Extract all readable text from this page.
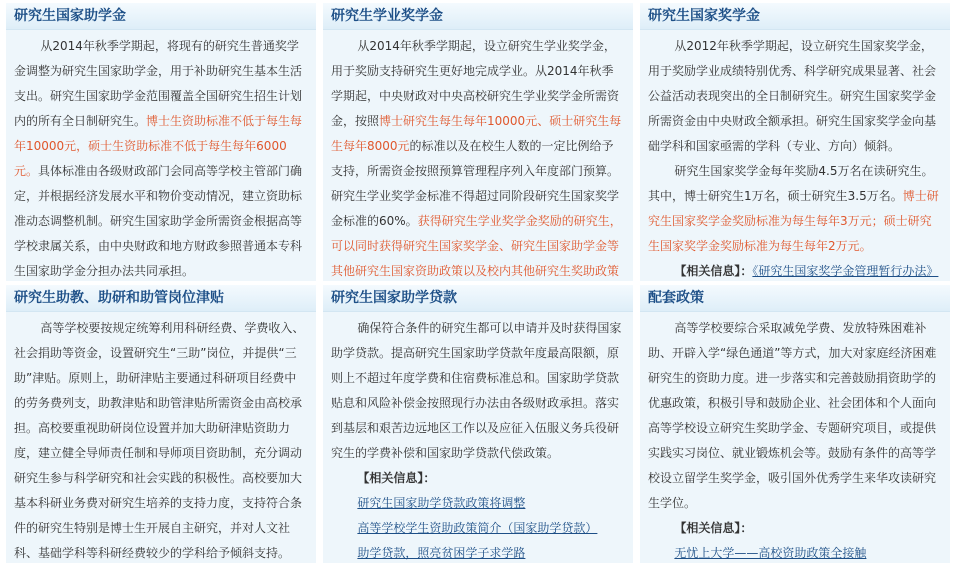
研究生国家助学金

从2014年秋季学期起，将现有的研究生普通奖学金调整为研究生国家助学金，用于补助研究生基本生活支出。研究生国家助学金范围覆盖全国研究生招生计划内的所有全日制研究生。博士生资助标准不低于每生每年10000元，硕士生资助标准不低于每生每年6000元。具体标准由各级财政部门会同高等学校主管部门确定，并根据经济发展水平和物价变动情况，建立资助标准动态调整机制。研究生国家助学金所需资金根据高等学校隶属关系，由中央财政和地方财政参照普通本专科生国家助学金分担办法共同承担。

研究生学业奖学金

从2014年秋季学期起，设立研究生学业奖学金，用于奖励支持研究生更好地完成学业。从2014年秋季学期起，中央财政对中央高校研究生学业奖学金所需资金，按照博士研究生每生每年10000元、硕士研究生每生每年8000元的标准以及在校生人数的一定比例给予支持，所需资金按照预算管理程序列入年度部门预算。研究生学业奖学金标准不得超过同阶段研究生国家奖学金标准的60%。获得研究生学业奖学金奖励的研究生，可以同时获得研究生国家奖学金、研究生国家助学金等其他研究生国家资助政策以及校内其他研究生奖助政策

研究生国家奖学金

从2012年秋季学期起，设立研究生国家奖学金，用于奖励学业成绩特别优秀、科学研究成果显著、社会公益活动表现突出的全日制研究生。研究生国家奖学金所需资金由中央财政全额承担。研究生国家奖学金向基础学科和国家亟需的学科（专业、方向）倾斜。

研究生国家奖学金每年奖励4.5万名在读研究生。其中，博士研究生1万名，硕士研究生3.5万名。博士研究生国家奖学金奖励标准为每生每年3万元；硕士研究生国家奖学金奖励标准为每生每年2万元。

【相关信息】：《研究生国家奖学金管理暂行办法》
研究生助教、助研和助管岗位津贴

高等学校要按规定统筹利用科研经费、学费收入、社会捐助等资金，设置研究生“三助”岗位，并提供“三助”津贴。原则上，助研津贴主要通过科研项目经费中的劳务费列支，助教津贴和助管津贴所需资金由高校承担。高校要重视助研岗位设置并加大助研津贴资助力度，建立健全导师责任制和导师项目资助制，充分调动研究生参与科学研究和社会实践的积极性。高校要加大基本科研业务费对研究生培养的支持力度，支持符合条件的研究生特别是博士生开展自主研究，并对人文社科、基础学科等科研经费较少的学科给予倾斜支持。

研究生国家助学贷款

确保符合条件的研究生都可以申请并及时获得国家助学贷款。提高研究生国家助学贷款年度最高限额，原则上不超过年度学费和住宿费标准总和。国家助学贷款贴息和风险补偿金按照现行办法由各级财政承担。落实到基层和艰苦边远地区工作以及应征入伍服义务兵役研究生的学费补偿和国家助学贷款代偿政策。

【相关信息】：
研究生国家助学贷款政策将调整
高等学校学生资助政策简介（国家助学贷款）
助学贷款，照亮贫困学子求学路
配套政策

高等学校要综合采取减免学费、发放特殊困难补助、开辟入学“绿色通道”等方式，加大对家庭经济困难研究生的资助力度。进一步落实和完善鼓励捐资助学的优惠政策，积极引导和鼓励企业、社会团体和个人面向高等学校设立研究生奖助学金、专题研究项目，或提供实践实习岗位、就业锻炼机会等。鼓励有条件的高等学校设立留学生奖学金，吸引国外优秀学生来华攻读研究生学位。

【相关信息】：
无忧上大学——高校资助政策全接触
